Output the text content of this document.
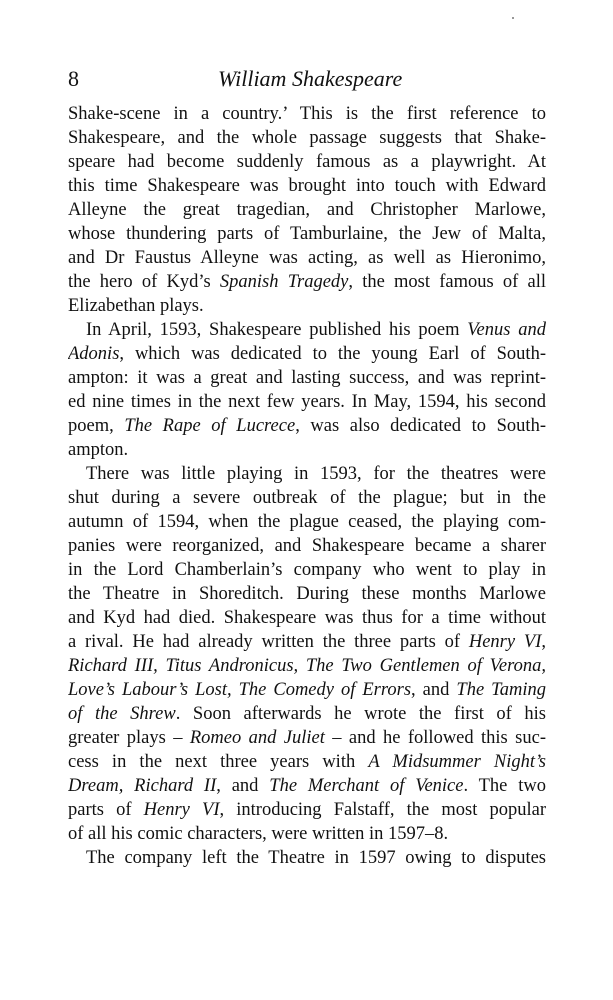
8	William Shakespeare
Shake-scene in a country.’ This is the first reference to
Shakespeare, and the whole passage suggests that Shake-
speare had become suddenly famous as a playwright. At
this time Shakespeare was brought into touch with Edward
Alleyne the great tragedian, and Christopher Marlowe,
whose thundering parts of Tamburlaine, the Jew of Malta,
and Dr Faustus Alleyne was acting, as well as Hieronimo,
the hero of Kyd’s Spanish Tragedy, the most famous of all
Elizabethan plays.
In April, 1593, Shakespeare published his poem Venus and
Adonis, which was dedicated to the young Earl of South-
ampton: it was a great and lasting success, and was reprint-
ed nine times in the next few years. In May, 1594, his second
poem, The Rape of Lucrece, was also dedicated to South-
ampton.
There was little playing in 1593, for the theatres were
shut during a severe outbreak of the plague; but in the
autumn of 1594, when the plague ceased, the playing com-
panies were reorganized, and Shakespeare became a sharer
in the Lord Chamberlain’s company who went to play in
the Theatre in Shoreditch. During these months Marlowe
and Kyd had died. Shakespeare was thus for a time without
a rival. He had already written the three parts of Henry VI,
Richard III, Titus Andronicus, The Two Gentlemen of Verona,
Love’s Labour’s Lost, The Comedy of Errors, and The Taming
of the Shrew. Soon afterwards he wrote the first of his
greater plays – Romeo and Juliet – and he followed this suc-
cess in the next three years with A Midsummer Night’s
Dream, Richard II, and The Merchant of Venice. The two
parts of Henry VI, introducing Falstaff, the most popular
of all his comic characters, were written in 1597–8.
The company left the Theatre in 1597 owing to disputes
